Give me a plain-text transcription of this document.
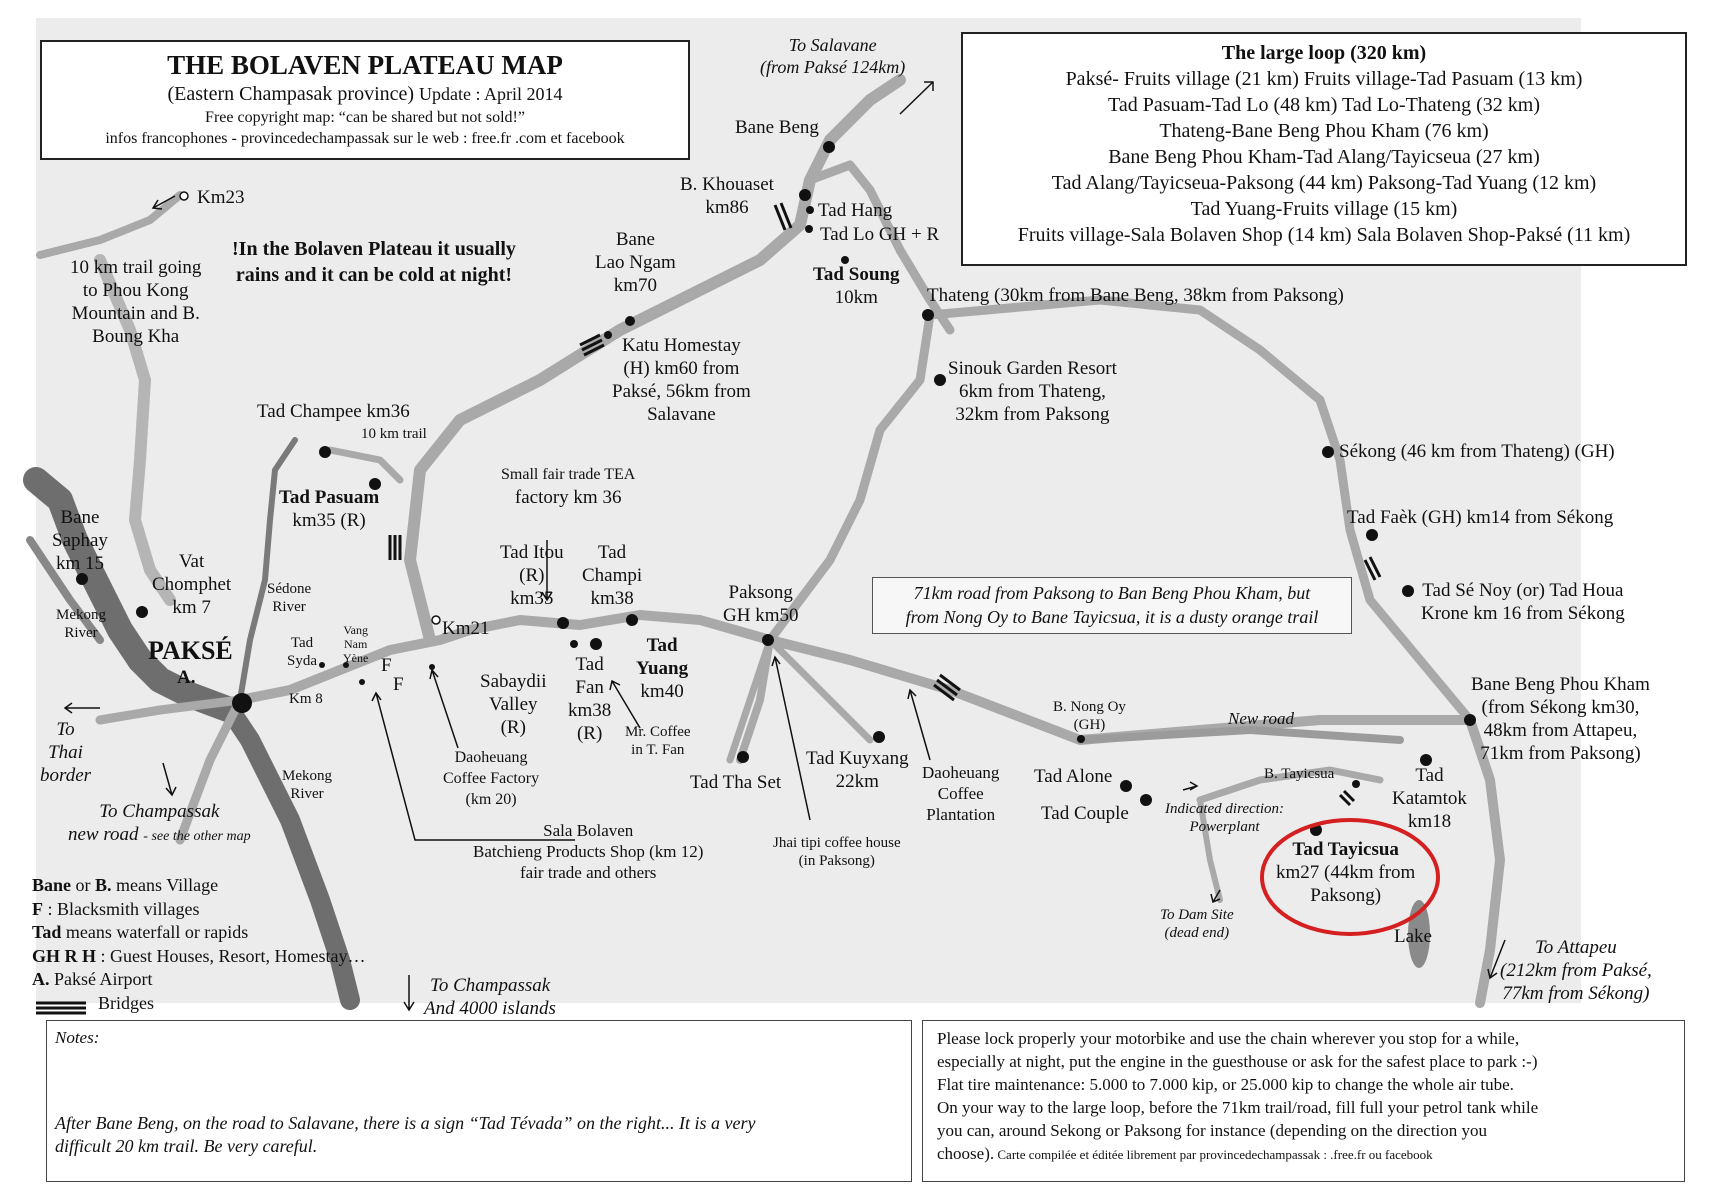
THE BOLAVEN PLATEAU MAP
(Eastern Champasak province) Update : April 2014
Free copyright map: “can be shared but not sold!”
infos francophones - provincedechampassak sur le web : free.fr .com et facebook
The large loop (320 km)
Paksé- Fruits village (21 km) Fruits village-Tad Pasuam (13 km)
Tad Pasuam-Tad Lo (48 km) Tad Lo-Thateng (32 km)
Thateng-Bane Beng Phou Kham (76 km)
Bane Beng Phou Kham-Tad Alang/Tayicseua (27 km)
Tad Alang/Tayicseua-Paksong (44 km) Paksong-Tad Yuang (12 km)
Tad Yuang-Fruits village (15 km)
Fruits village-Sala Bolaven Shop (14 km) Sala Bolaven Shop-Paksé (11 km)
!In the Bolaven Plateau it usually
rains and it can be cold at night!
71km road from Paksong to Ban Beng Phou Kham, but
from Nong Oy to Bane Tayicsua, it is a dusty orange trail
To Salavane
(from Paksé 124km)
Bane Beng
B. Khouaset
km86	Tad Hang
Tad Lo GH + R
Tad Soung
10km	Thateng (30km from Bane Beng, 38km from Paksong)
Bane
Lao Ngam
km70
Katu Homestay
(H) km60 from
Paksé, 56km from
Salavane
Sinouk Garden Resort
6km from Thateng,
32km from Paksong
Sékong (46 km from Thateng) (GH)
Tad Faèk (GH) km14 from Sékong
Tad Sé Noy (or) Tad Houa
Krone km 16 from Sékong
Km23
10 km trail going
to Phou Kong
Mountain and B.
Boung Kha
Tad Champee km36
10 km trail
Tad Pasuam
km35 (R)
Bane
Saphay
km 15	Vat
Chomphet
km 7
Sédone
River
Mekong
River
PAKSÉ
A.
Tad
Syda
Vang
Nam
Yène F
F
Km21
Km 8
Small fair trade TEA
factory km 36
Tad Itou
(R)
km35
Tad
Champi
km38
Tad
Fan
km38
(R)
Tad
Yuang
km40
Mr. Coffee
in T. Fan
Sabaydii
Valley
(R)
Daoheuang
Coffee Factory
(km 20)
Paksong
GH km50
Tad Tha Set
Tad Kuyxang
22km
Jhai tipi coffee house
(in Paksong)
Daoheuang
Coffee
Plantation
B. Nong Oy
(GH)	New road
Tad Alone
Tad Couple Indicated direction:
Powerplant
B. Tayicsua
To Dam Site
(dead end)
Tad Tayicsua
km27 (44km from
Paksong)
Lake
Bane Beng Phou Kham
(from Sékong km30,
48km from Attapeu,
71km from Paksong)
Tad
Katamtok
km18
To Attapeu
(212km from Paksé,
77km from Sékong)
Mekong
River
To
Thai
border
To Champassak
new road - see the other map	Sala Bolaven
Batchieng Products Shop (km 12)
fair trade and others
To Champassak
And 4000 islands
Bane or B. means Village
F : Blacksmith villages
Tad means waterfall or rapids
GH R H : Guest Houses, Resort, Homestay…
A. Paksé Airport
Bridges
Notes:
After Bane Beng, on the road to Salavane, there is a sign “Tad Tévada” on the right... It is a very
difficult 20 km trail. Be very careful.
Please lock properly your motorbike and use the chain wherever you stop for a while,
especially at night, put the engine in the guesthouse or ask for the safest place to park :-)
Flat tire maintenance: 5.000 to 7.000 kip, or 25.000 kip to change the whole air tube.
On your way to the large loop, before the 71km trail/road, fill full your petrol tank while
you can, around Sekong or Paksong for instance (depending on the direction you
choose). Carte compilée et éditée librement par provincedechampassak : .free.fr ou facebook
